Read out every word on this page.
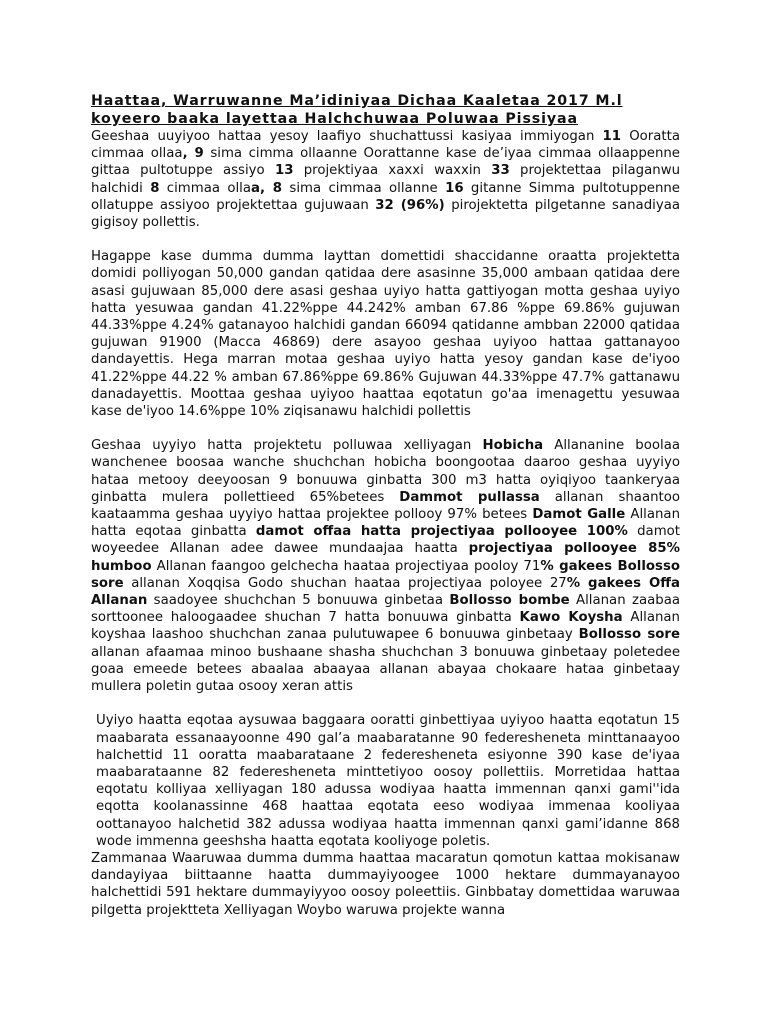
Haattaa, Warruwanne Ma’idiniyaa Dichaa Kaaletaa 2017 M.l
koyeero baaka layettaa Halchchuwaa Poluwaa Pissiyaa

Geeshaa uuyiyoo hattaa yesoy laafiyo shuchattussi kasiyaa immiyogan 11 Ooratta cimmaa ollaa, 9 sima cimma ollaanne Oorattanne kase de’iyaa cimmaa ollaappenne gittaa pultotuppe assiyo 13 projektiyaa xaxxi waxxin 33 projektettaa pilaganwu halchidi 8 cimmaa ollaa, 8 sima cimmaa ollanne 16 gitanne Simma pultotuppenne ollatuppe assiyoo projektettaa gujuwaan 32 (96%) pirojektetta pilgetanne sanadiyaa gigisoy pollettis.

Hagappe kase dumma dumma layttan domettidi shaccidanne oraatta projektetta domidi polliyogan 50,000 gandan qatidaa dere asasinne 35,000 ambaan qatidaa dere asasi gujuwaan 85,000 dere asasi geshaa uyiyo hatta gattiyogan motta geshaa uyiyo hatta yesuwaa gandan 41.22%ppe 44.242% amban 67.86 %ppe 69.86% gujuwan 44.33%ppe 4.24% gatanayoo halchidi gandan 66094 qatidanne ambban 22000 qatidaa gujuwan 91900 (Macca 46869) dere asayoo geshaa uyiyoo hattaa gattanayoo dandayettis. Hega marran motaa geshaa uyiyo hatta yesoy gandan kase de'iyoo 41.22%ppe 44.22 % amban 67.86%ppe 69.86% Gujuwan 44.33%ppe 47.7% gattanawu danadayettis. Moottaa geshaa uyiyoo haattaa eqotatun go'aa imenagettu yesuwaa kase de'iyoo 14.6%ppe 10% ziqisanawu halchidi pollettis

Geshaa uyyiyo hatta projektetu polluwaa xelliyagan Hobicha Allananine boolaa wanchenee boosaa wanche shuchchan hobicha boongootaa daaroo geshaa uyyiyo hataa metooy deeyoosan 9 bonuuwa ginbatta 300 m3 hatta oyiqiyoo taankeryaa ginbatta mulera pollettieed 65%betees Dammot pullassa allanan shaantoo kaataamma geshaa uyyiyo hattaa projektee pollooy 97% betees Damot Galle Allanan hatta eqotaa ginbatta damot offaa hatta projectiyaa pollooyee 100% damot woyeedee Allanan adee dawee mundaajaa haatta projectiyaa pollooyee 85% humboo Allanan faangoo gelchecha haataa projectiyaa pooloy 71% gakees Bollosso sore allanan Xoqqisa Godo shuchan haataa projectiyaa poloyee 27% gakees Offa Allanan saadoyee shuchchan 5 bonuuwa ginbetaa Bollosso bombe Allanan zaabaa sorttoonee haloogaadee shuchan 7 hatta bonuuwa ginbatta Kawo Koysha Allanan koyshaa laashoo shuchchan zanaa pulutuwapee 6 bonuuwa ginbetaay Bollosso sore allanan afaamaa minoo bushaane shasha shuchchan 3 bonuuwa ginbetaay poletedee goaa emeede betees abaalaa abaayaa allanan abayaa chokaare hataa ginbetaay mullera poletin gutaa osooy xeran attis

Uyiyo haatta eqotaa aysuwaa baggaara ooratti ginbettiyaa uyiyoo haatta eqotatun 15 maabarata essanaayoonne 490 gal’a maabaratanne 90 federesheneta minttanaayoo halchettid 11 ooratta maabarataane 2 federesheneta esiyonne 390 kase de'iyaa maabarataanne 82 federesheneta minttetiyoo oosoy pollettiis. Morretidaa hattaa eqotatu kolliyaa xelliyagan 180 adussa wodiyaa haatta immennan qanxi gami''ida eqotta koolanassinne 468 haattaa eqotata eeso wodiyaa immenaa kooliyaa oottanayoo halchetid 382 adussa wodiyaa haatta immennan qanxi gami’idanne 868 wode immenna geeshsha haatta eqotata kooliyoge poletis.

Zammanaa Waaruwaa dumma dumma haattaa macaratun qomotun kattaa mokisanaw dandayiyaa biittaanne haatta dummayiyoogee 1000 hektare dummayanayoo halchettidi 591 hektare dummayiyyoo oosoy poleettiis. Ginbbatay domettidaa waruwaa pilgetta projektteta Xelliyagan Woybo waruwa projekte wanna
